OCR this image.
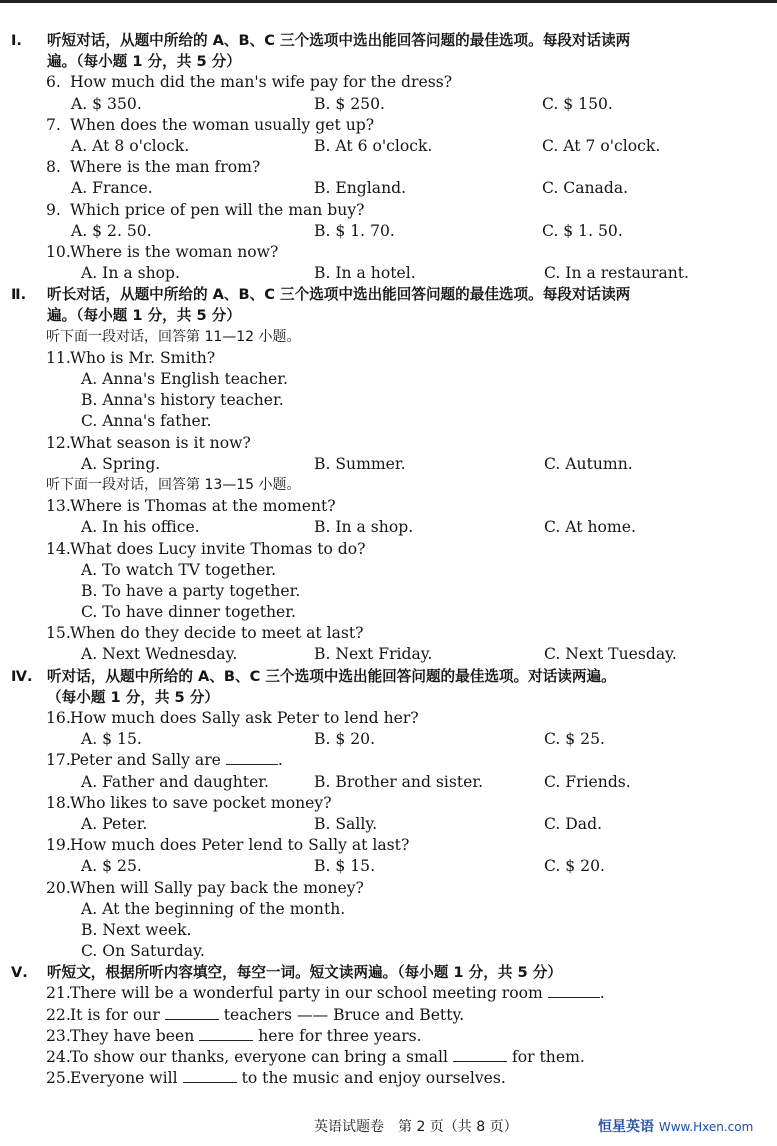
Ⅰ. 听短对话，从题中所给的 A、B、C 三个选项中选出能回答问题的最佳选项。每段对话读两
遍。（每小题 1 分，共 5 分）
6. How much did the man's wife pay for the dress?
A. $ 350.	B. $ 250.	C. $ 150.
7. When does the woman usually get up?
A. At 8 o'clock.	B. At 6 o'clock.	C. At 7 o'clock.
8. Where is the man from?
A. France.	B. England.	C. Canada.
9. Which price of pen will the man buy?
A. $ 2. 50.	B. $ 1. 70.	C. $ 1. 50.
10.Where is the woman now?
A. In a shop.	B. In a hotel.	C. In a restaurant.
Ⅱ. 听长对话，从题中所给的 A、B、C 三个选项中选出能回答问题的最佳选项。每段对话读两
遍。（每小题 1 分，共 5 分）
听下面一段对话，回答第 11—12 小题。
11.Who is Mr. Smith?
A. Anna's English teacher.
B. Anna's history teacher.
C. Anna's father.
12.What season is it now?
A. Spring.	B. Summer.	C. Autumn.
听下面一段对话，回答第 13—15 小题。
13.Where is Thomas at the moment?
A. In his office.	B. In a shop.	C. At home.
14.What does Lucy invite Thomas to do?
A. To watch TV together.
B. To have a party together.
C. To have dinner together.
15.When do they decide to meet at last?
A. Next Wednesday.	B. Next Friday.	C. Next Tuesday.
Ⅳ. 听对话，从题中所给的 A、B、C 三个选项中选出能回答问题的最佳选项。对话读两遍。
（每小题 1 分，共 5 分）
16.How much does Sally ask Peter to lend her?
A. $ 15.	B. $ 20.	C. $ 25.
17.Peter and Sally are	.
A. Father and daughter.	B. Brother and sister.	C. Friends.
18.Who likes to save pocket money?
A. Peter.	B. Sally.	C. Dad.
19.How much does Peter lend to Sally at last?
A. $ 25.	B. $ 15.	C. $ 20.
20.When will Sally pay back the money?
A. At the beginning of the month.
B. Next week.
C. On Saturday.
Ⅴ. 听短文，根据所听内容填空，每空一词。短文读两遍。（每小题 1 分，共 5 分）
21.There will be a wonderful party in our school meeting room	.
22.It is for our	teachers —— Bruce and Betty.
23.They have been	here for three years.
24.To show our thanks, everyone can bring a small	for them.
25.Everyone will	to the music and enjoy ourselves.
英语试题卷　第 2 页（共 8 页）	恒星英语 Www.Hxen.com
